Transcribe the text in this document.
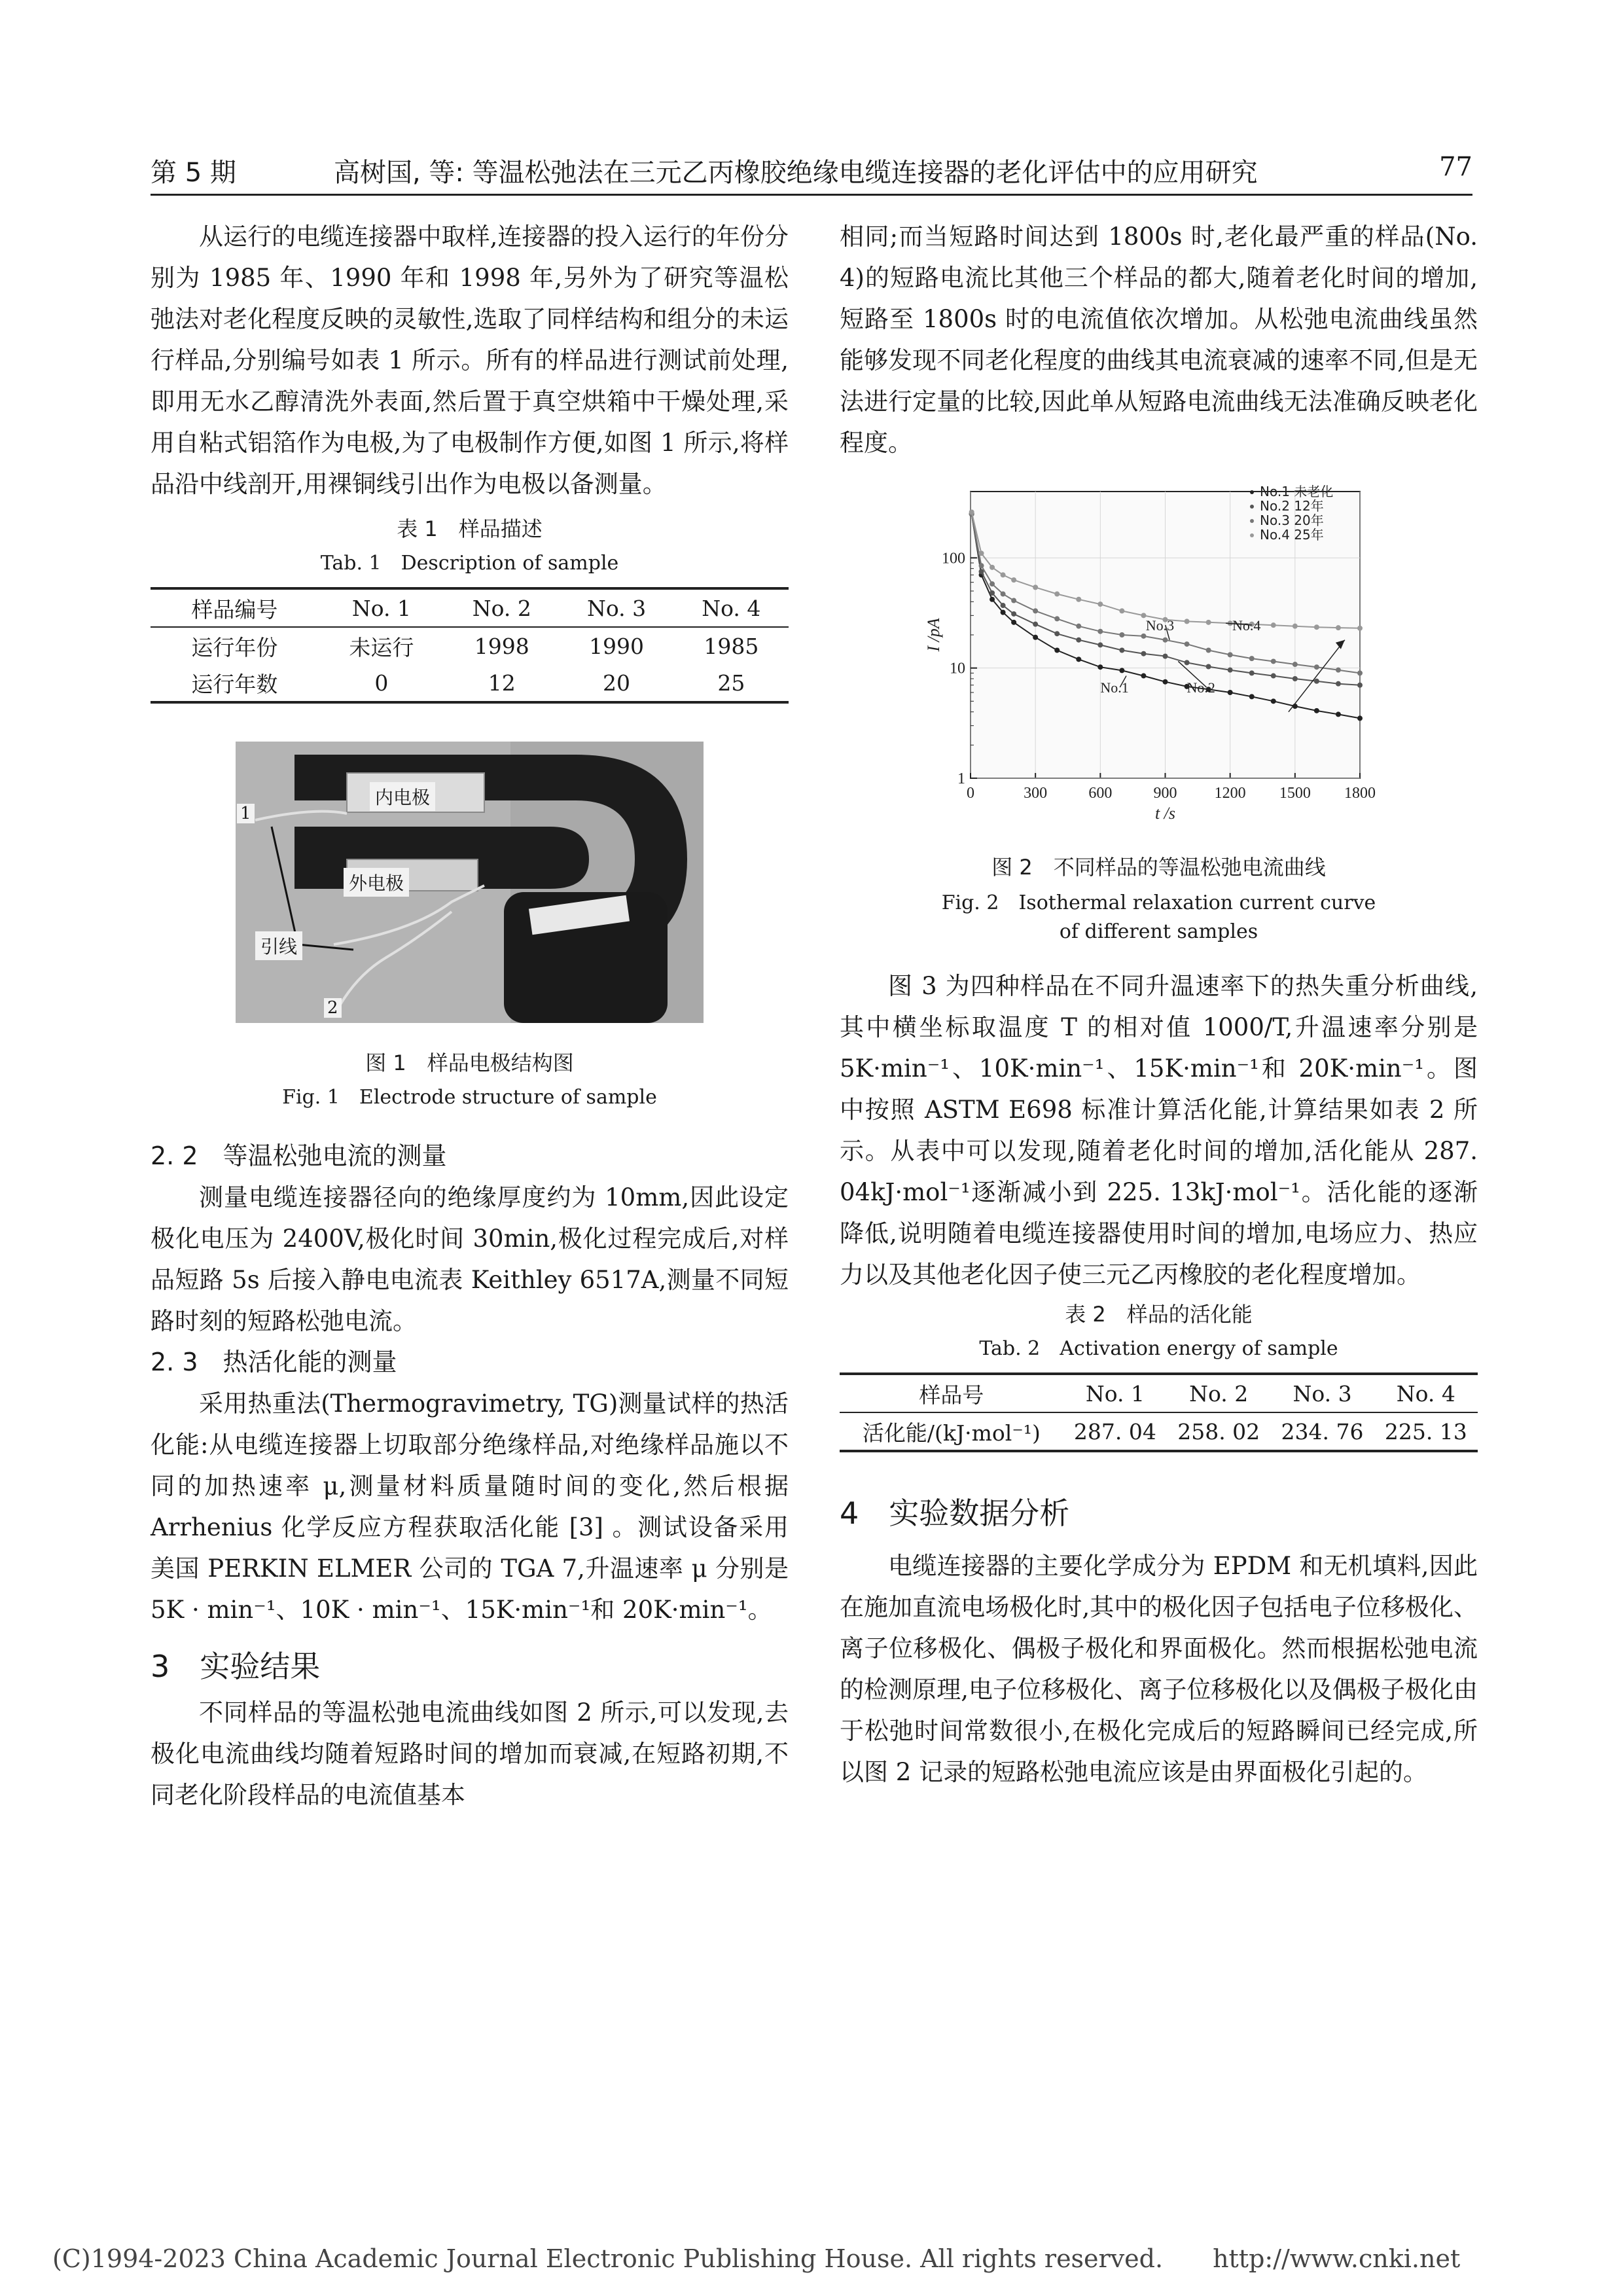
第 5 期	高树国, 等: 等温松弛法在三元乙丙橡胶绝缘电缆连接器的老化评估中的应用研究	77

从运行的电缆连接器中取样,连接器的投入运行的年份分别为 1985 年、1990 年和 1998 年,另外为了研究等温松弛法对老化程度反映的灵敏性,选取了同样结构和组分的未运行样品,分别编号如表 1 所示。所有的样品进行测试前处理,即用无水乙醇清洗外表面,然后置于真空烘箱中干燥处理,采用自粘式铝箔作为电极,为了电极制作方便,如图 1 所示,将样品沿中线剖开,用裸铜线引出作为电极以备测量。

表 1　样品描述
Tab. 1　Description of sample
样品编号	No. 1	No. 2	No. 3	No. 4
运行年份	未运行	1998	1990	1985
运行年数	0	12	20	25
内电极
外电极
引线
1
2
图 1　样品电极结构图
Fig. 1　Electrode structure of sample
2. 2　等温松弛电流的测量

测量电缆连接器径向的绝缘厚度约为 10mm,因此设定极化电压为 2400V,极化时间 30min,极化过程完成后,对样品短路 5s 后接入静电电流表 Keithley 6517A,测量不同短路时刻的短路松弛电流。

2. 3　热活化能的测量

采用热重法(Thermogravimetry, TG)测量试样的热活化能:从电缆连接器上切取部分绝缘样品,对绝缘样品施以不同的加热速率 μ,测量材料质量随时间的变化,然后根据 Arrhenius 化学反应方程获取活化能 [3] 。测试设备采用美国 PERKIN ELMER 公司的 TGA 7,升温速率 μ 分别是 5K · min⁻¹、10K · min⁻¹、15K·min⁻¹和 20K·min⁻¹。

3　实验结果

不同样品的等温松弛电流曲线如图 2 所示,可以发现,去极化电流曲线均随着短路时间的增加而衰减,在短路初期,不同老化阶段样品的电流值基本

相同;而当短路时间达到 1800s 时,老化最严重的样品(No. 4)的短路电流比其他三个样品的都大,随着老化时间的增加,短路至 1800s 时的电流值依次增加。从松弛电流曲线虽然能够发现不同老化程度的曲线其电流衰减的速率不同,但是无法进行定量的比较,因此单从短路电流曲线无法准确反映老化程度。

0	300	600	900 1200 1500 1800
1
10
100
t /s
I /pA
No.1 未老化
No.2 12年
No.3 20年
No.4 25年
No.1	No.2
No.3	No.4
图 2　不同样品的等温松弛电流曲线
Fig. 2　Isothermal relaxation current curve
of different samples

图 3 为四种样品在不同升温速率下的热失重分析曲线,其中横坐标取温度 T 的相对值 1000/T,升温速率分别是 5K·min⁻¹、10K·min⁻¹、15K·min⁻¹和 20K·min⁻¹。图中按照 ASTM E698 标准计算活化能,计算结果如表 2 所示。从表中可以发现,随着老化时间的增加,活化能从 287. 04kJ·mol⁻¹逐渐减小到 225. 13kJ·mol⁻¹。活化能的逐渐降低,说明随着电缆连接器使用时间的增加,电场应力、热应力以及其他老化因子使三元乙丙橡胶的老化程度增加。

表 2　样品的活化能
Tab. 2　Activation energy of sample
样品号	No. 1	No. 2	No. 3	No. 4
活化能/(kJ·mol⁻¹)	287. 04	258. 02	234. 76	225. 13
4　实验数据分析

电缆连接器的主要化学成分为 EPDM 和无机填料,因此在施加直流电场极化时,其中的极化因子包括电子位移极化、离子位移极化、偶极子极化和界面极化。然而根据松弛电流的检测原理,电子位移极化、离子位移极化以及偶极子极化由于松弛时间常数很小,在极化完成后的短路瞬间已经完成,所以图 2 记录的短路松弛电流应该是由界面极化引起的。

(C)1994-2023 China Academic Journal Electronic Publishing House. All rights reserved.　　http://www.cnki.net
